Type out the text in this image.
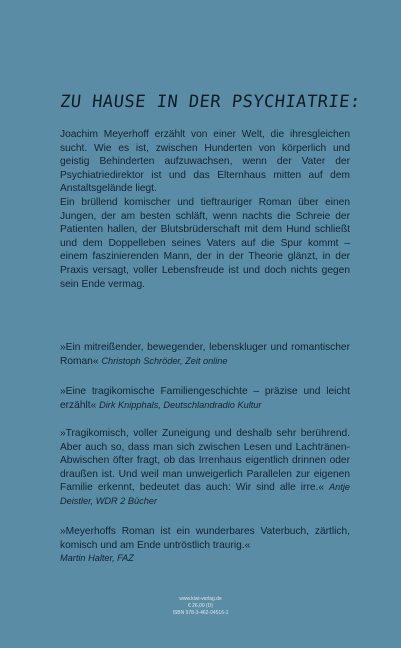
ZU HAUSE IN DER PSYCHIATRIE:

Joachim Meyerhoff erzählt von einer Welt, die ihresgleichen sucht. Wie es ist, zwischen Hunderten von körperlich und geistig Behinderten aufzuwachsen, wenn der Vater der Psychiatriedirektor ist und das Elternhaus mitten auf dem Anstaltsgelände liegt.

Ein brüllend komischer und tieftrauriger Roman über einen Jungen, der am besten schläft, wenn nachts die Schreie der Patienten hallen, der Blutsbrüderschaft mit dem Hund schließt und dem Doppelleben seines Vaters auf die Spur kommt – einem faszinierenden Mann, der in der Theorie glänzt, in der Praxis versagt, voller Lebensfreude ist und doch nichts gegen sein Ende vermag.

»Ein mitreißender, bewegender, lebenskluger und romantischer Roman« Christoph Schröder, Zeit online
»Eine tragikomische Familiengeschichte – präzise und leicht erzählt« Dirk Knipphals, Deutschlandradio Kultur
»Tragikomisch, voller Zuneigung und deshalb sehr berührend. Aber auch so, dass man sich zwischen Lesen und Lachtränen-Abwischen öfter fragt, ob das Irrenhaus eigentlich drinnen oder draußen ist. Und weil man unweigerlich Parallelen zur eigenen Familie erkennt, bedeutet das auch: Wir sind alle irre.« Antje Deistler, WDR 2 Bücher
»Meyerhoffs Roman ist ein wunderbares Vaterbuch, zärtlich, komisch und am Ende untröstlich traurig.«
Martin Halter, FAZ
www.kiwi-verlag.de
€ 26,00 (D)
ISBN 978-3-462-04516-1
